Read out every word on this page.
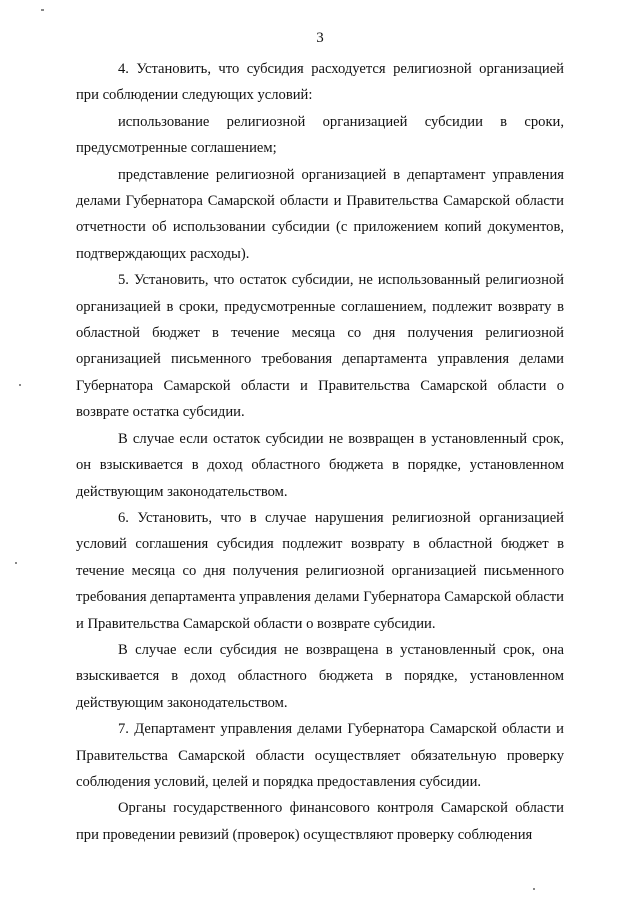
3

4. Установить, что субсидия расходуется религиозной организацией при соблюдении следующих условий:

использование религиозной организацией субсидии в сроки, предусмотренные соглашением;

представление религиозной организацией в департамент управления делами Губернатора Самарской области и Правительства Самарской области отчетности об использовании субсидии (с приложением копий документов, подтверждающих расходы).

5. Установить, что остаток субсидии, не использованный религиозной организацией в сроки, предусмотренные соглашением, подлежит возврату в областной бюджет в течение месяца со дня получения религиозной организацией письменного требования департамента управления делами Губернатора Самарской области и Правительства Самарской области о возврате остатка субсидии.

В случае если остаток субсидии не возвращен в установленный срок, он взыскивается в доход областного бюджета в порядке, установленном действующим законодательством.

6. Установить, что в случае нарушения религиозной организацией условий соглашения субсидия подлежит возврату в областной бюджет в течение месяца со дня получения религиозной организацией письменного требования департамента управления делами Губернатора Самарской области и Правительства Самарской области о возврате субсидии.

В случае если субсидия не возвращена в установленный срок, она взыскивается в доход областного бюджета в порядке, установленном действующим законодательством.

7. Департамент управления делами Губернатора Самарской области и Правительства Самарской области осуществляет обязательную проверку соблюдения условий, целей и порядка предоставления субсидии.

Органы государственного финансового контроля Самарской области при проведении ревизий (проверок) осуществляют проверку соблюдения
